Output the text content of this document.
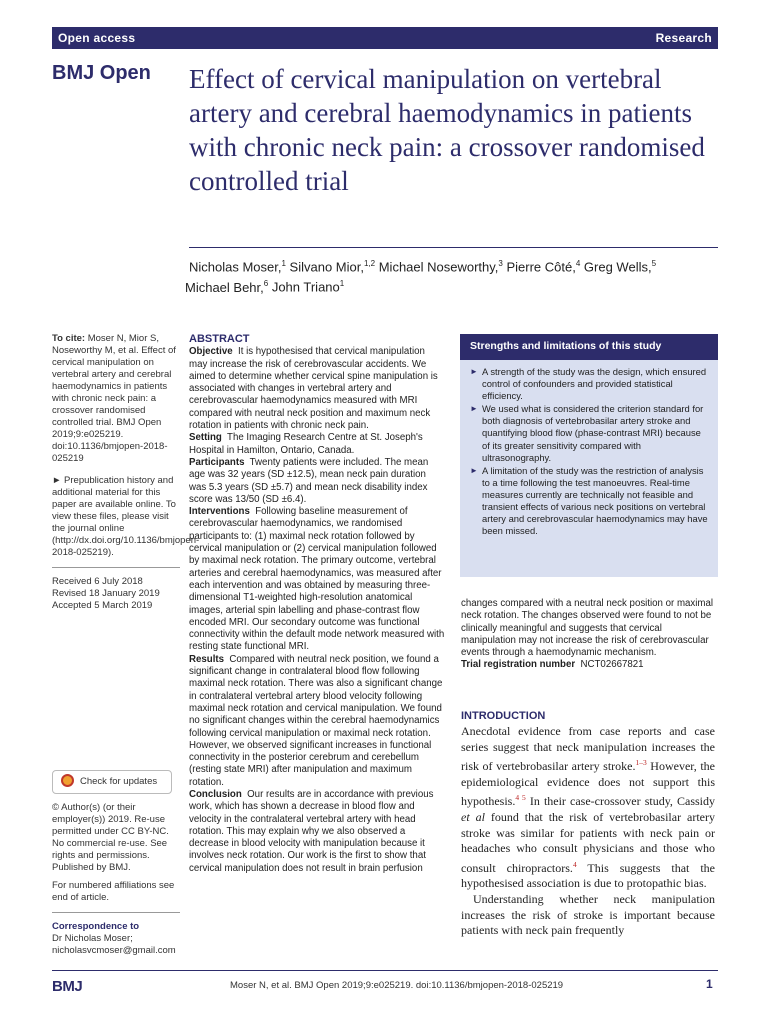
Open access	Research
BMJ Open Effect of cervical manipulation on vertebral artery and cerebral haemodynamics in patients with chronic neck pain: a crossover randomised controlled trial
Nicholas Moser,$^1$ Silvano Mior,$^{1,2}$ Michael Noseworthy,$^3$ Pierre Côté,$^4$ Greg Wells,$^5$
Michael Behr,$^6$ John Triano$^1$

To cite: Moser N, Mior S, Noseworthy M, et al. Effect of cervical manipulation on vertebral artery and cerebral haemodynamics in patients with chronic neck pain: a crossover randomised controlled trial. BMJ Open 2019;9:e025219. doi:10.1136/bmjopen-2018-025219

► Prepublication history and additional material for this paper are available online. To view these files, please visit the journal online (http://dx.doi.org/10.1136/bmjopen-2018-025219).

Received 6 July 2018
Revised 18 January 2019
Accepted 5 March 2019
Check for updates

© Author(s) (or their employer(s)) 2019. Re-use permitted under CC BY-NC. No commercial re-use. See rights and permissions. Published by BMJ.

For numbered affiliations see end of article.

Correspondence to
Dr Nicholas Moser;
nicholasvcmoser@gmail.com
ABSTRACT

Objective It is hypothesised that cervical manipulation may increase the risk of cerebrovascular accidents. We aimed to determine whether cervical spine manipulation is associated with changes in vertebral artery and cerebrovascular haemodynamics measured with MRI compared with neutral neck position and maximum neck rotation in patients with chronic neck pain.

Setting The Imaging Research Centre at St. Joseph's Hospital in Hamilton, Ontario, Canada.

Participants Twenty patients were included. The mean age was 32 years (SD ±12.5), mean neck pain duration was 5.3 years (SD ±5.7) and mean neck disability index score was 13/50 (SD ±6.4).

Interventions Following baseline measurement of cerebrovascular haemodynamics, we randomised participants to: (1) maximal neck rotation followed by cervical manipulation or (2) cervical manipulation followed by maximal neck rotation. The primary outcome, vertebral arteries and cerebral haemodynamics, was measured after each intervention and was obtained by measuring three-dimensional T1-weighted high-resolution anatomical images, arterial spin labelling and phase-contrast flow encoded MRI. Our secondary outcome was functional connectivity within the default mode network measured with resting state functional MRI.

Results Compared with neutral neck position, we found a significant change in contralateral blood flow following maximal neck rotation. There was also a significant change in contralateral vertebral artery blood velocity following maximal neck rotation and cervical manipulation. We found no significant changes within the cerebral haemodynamics following cervical manipulation or maximal neck rotation. However, we observed significant increases in functional connectivity in the posterior cerebrum and cerebellum (resting state MRI) after manipulation and maximum rotation.

Conclusion Our results are in accordance with previous work, which has shown a decrease in blood flow and velocity in the contralateral vertebral artery with head rotation. This may explain why we also observed a decrease in blood velocity with manipulation because it involves neck rotation. Our work is the first to show that cervical manipulation does not result in brain perfusion

Strengths and limitations of this study
► A strength of the study was the design, which ensured control of confounders and provided statistical efficiency.
► We used what is considered the criterion standard for both diagnosis of vertebrobasilar artery stroke and quantifying blood flow (phase-contrast MRI) because of its greater sensitivity compared with ultrasonography.
► A limitation of the study was the restriction of analysis to a time following the test manoeuvres. Real-time measures currently are technically not feasible and transient effects of various neck positions on vertebral artery and cerebrovascular haemodynamics may have been missed.

changes compared with a neutral neck position or maximal neck rotation. The changes observed were found to not be clinically meaningful and suggests that cervical manipulation may not increase the risk of cerebrovascular events through a haemodynamic mechanism.

Trial registration number NCT02667821

INTRODUCTION

Anecdotal evidence from case reports and case series suggest that neck manipulation increases the risk of vertebrobasilar artery stroke.$^{1-3}$ However, the epidemiological evidence does not support this hypothesis.$^{4 5}$ In their case-crossover study, Cassidy et al found that the risk of vertebrobasilar artery stroke was similar for patients with neck pain or headaches who consult physicians and those who consult chiropractors.$^4$ This suggests that the hypothesised association is due to protopathic bias.

Understanding whether neck manipulation increases the risk of stroke is important because patients with neck pain frequently

BMJ	Moser N, et al. BMJ Open 2019;9:e025219. doi:10.1136/bmjopen-2018-025219	1
